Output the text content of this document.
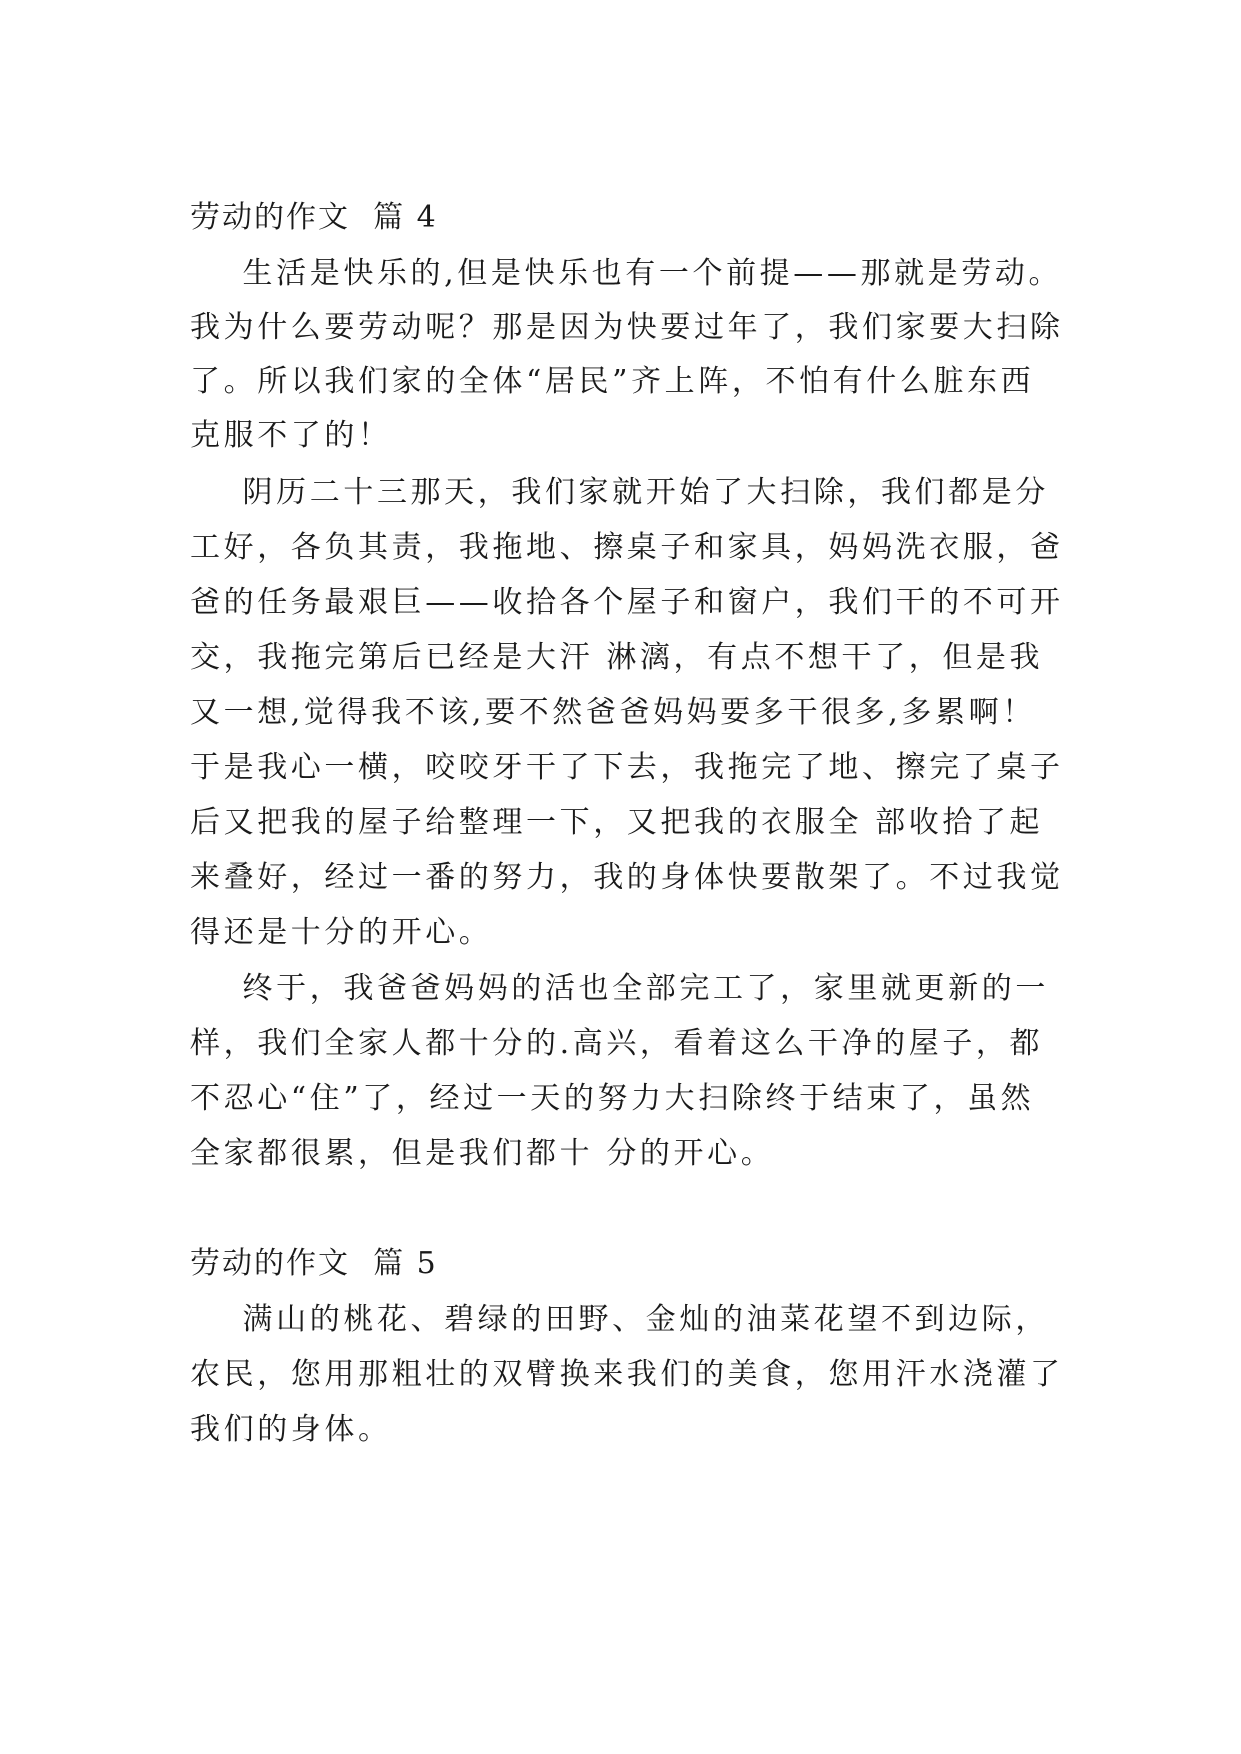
劳动的作文  篇 4
生活是快乐的,但是快乐也有一个前提——那就是劳动。
我为什么要劳动呢？那是因为快要过年了，我们家要大扫除
了。所以我们家的全体“居民”齐上阵，不怕有什么脏东西
克服不了的！
阴历二十三那天，我们家就开始了大扫除，我们都是分
工好，各负其责，我拖地、擦桌子和家具，妈妈洗衣服，爸
爸的任务最艰巨——收拾各个屋子和窗户，我们干的不可开
交，我拖完第后已经是大汗 淋漓，有点不想干了，但是我
又一想,觉得我不该,要不然爸爸妈妈要多干很多,多累啊！
于是我心一横，咬咬牙干了下去，我拖完了地、擦完了桌子
后又把我的屋子给整理一下，又把我的衣服全 部收拾了起
来叠好，经过一番的努力，我的身体快要散架了。不过我觉
得还是十分的开心。
终于，我爸爸妈妈的活也全部完工了，家里就更新的一
样，我们全家人都十分的.高兴，看着这么干净的屋子，都
不忍心“住”了，经过一天的努力大扫除终于结束了，虽然
全家都很累，但是我们都十 分的开心。
劳动的作文  篇 5
满山的桃花、碧绿的田野、金灿的油菜花望不到边际，
农民，您用那粗壮的双臂换来我们的美食，您用汗水浇灌了
我们的身体。
